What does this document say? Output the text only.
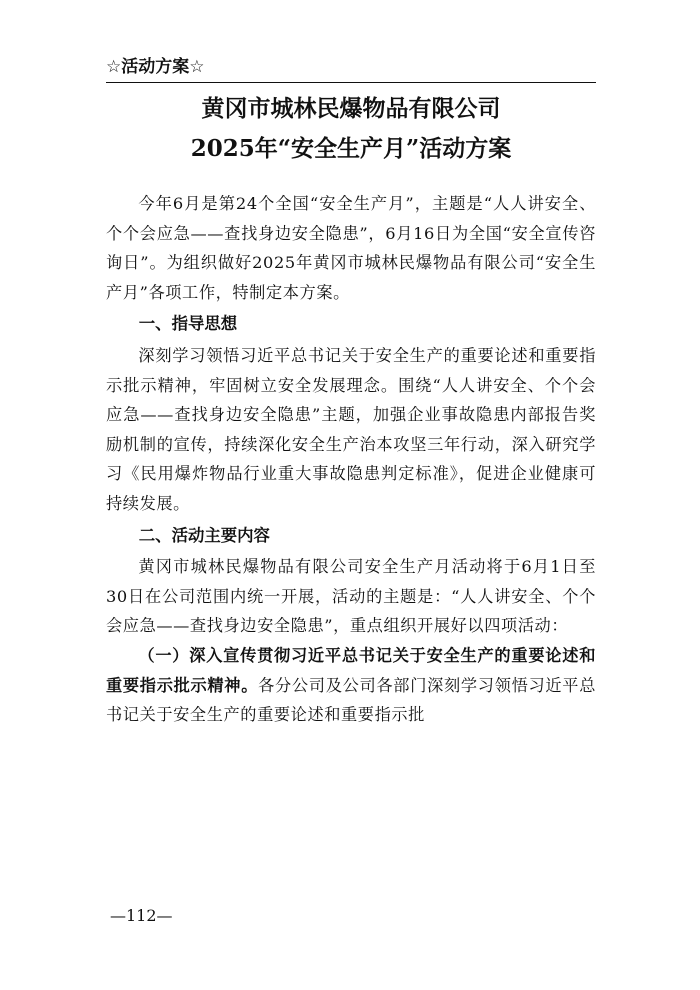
☆活动方案☆

黄冈市城林民爆物品有限公司
2025年“安全生产月”活动方案

今年6月是第24个全国“安全生产月”，主题是“人人讲安全、个个会应急——查找身边安全隐患”，6月16日为全国“安全宣传咨询日”。为组织做好2025年黄冈市城林民爆物品有限公司“安全生产月”各项工作，特制定本方案。

一、指导思想

深刻学习领悟习近平总书记关于安全生产的重要论述和重要指示批示精神，牢固树立安全发展理念。围绕“人人讲安全、个个会应急——查找身边安全隐患”主题，加强企业事故隐患内部报告奖励机制的宣传，持续深化安全生产治本攻坚三年行动，深入研究学习《民用爆炸物品行业重大事故隐患判定标准》，促进企业健康可持续发展。

二、活动主要内容

黄冈市城林民爆物品有限公司安全生产月活动将于6月1日至30日在公司范围内统一开展，活动的主题是：“人人讲安全、个个会应急——查找身边安全隐患”，重点组织开展好以四项活动：

（一）深入宣传贯彻习近平总书记关于安全生产的重要论述和重要指示批示精神。各分公司及公司各部门深刻学习领悟习近平总书记关于安全生产的重要论述和重要指示批

—112—
